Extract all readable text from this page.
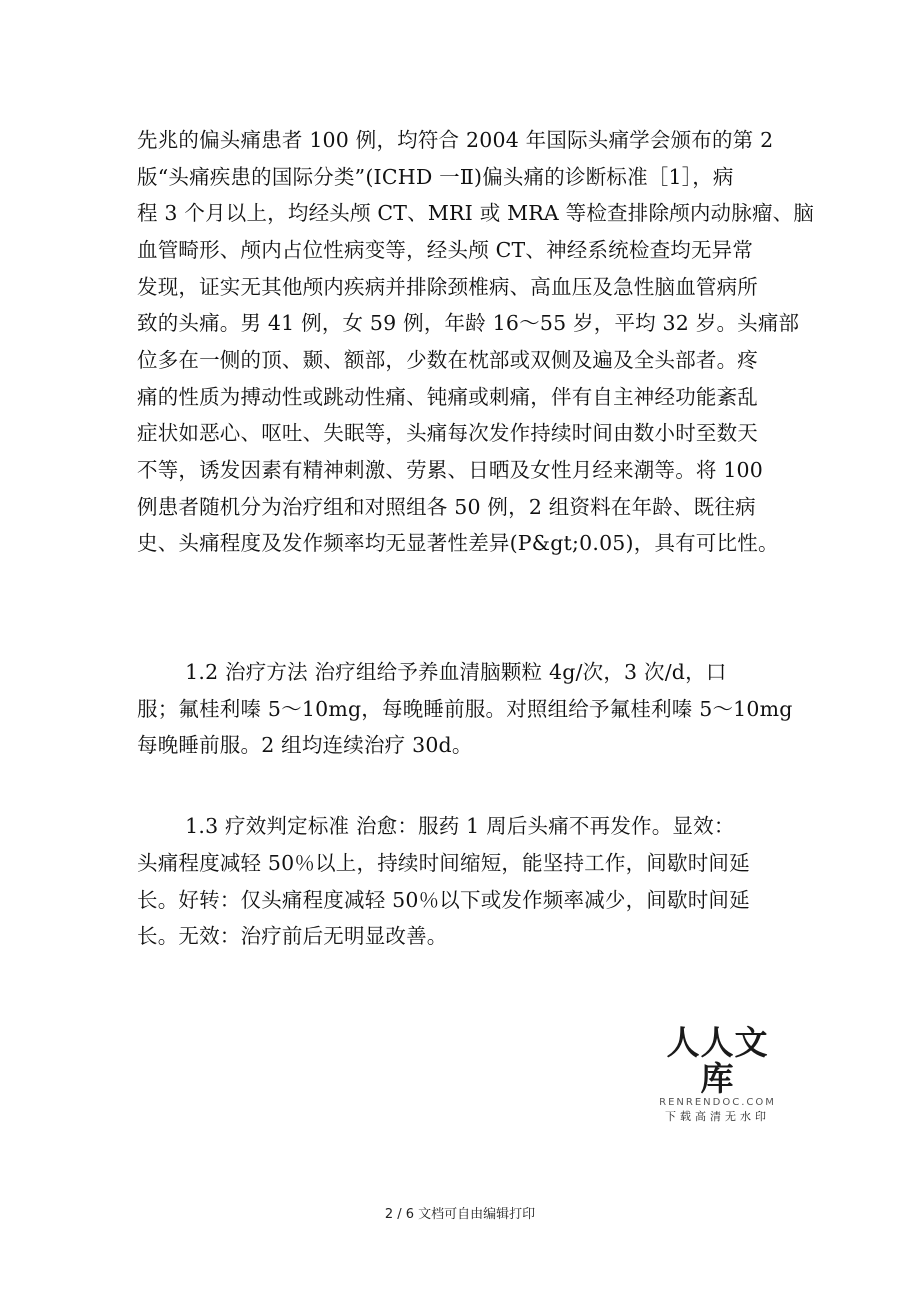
先兆的偏头痛患者 100 例，均符合 2004 年国际头痛学会颁布的第 2
版“头痛疾患的国际分类”(ICHD 一Ⅱ)偏头痛的诊断标准［1］，病
程 3 个月以上，均经头颅 CT、MRI 或 MRA 等检查排除颅内动脉瘤、脑
血管畸形、颅内占位性病变等，经头颅 CT、神经系统检查均无异常
发现，证实无其他颅内疾病并排除颈椎病、高血压及急性脑血管病所
致的头痛。男 41 例，女 59 例，年龄 16～55 岁，平均 32 岁。头痛部
位多在一侧的顶、颞、额部，少数在枕部或双侧及遍及全头部者。疼
痛的性质为搏动性或跳动性痛、钝痛或刺痛，伴有自主神经功能紊乱
症状如恶心、呕吐、失眠等，头痛每次发作持续时间由数小时至数天
不等，诱发因素有精神刺激、劳累、日晒及女性月经来潮等。将 100
例患者随机分为治疗组和对照组各 50 例，2 组资料在年龄、既往病
史、头痛程度及发作频率均无显著性差异(P&gt;0.05)，具有可比性。
　　 1.2 治疗方法 治疗组给予养血清脑颗粒 4g/次，3 次/d，口
服；氟桂利嗪 5～10mg，每晚睡前服。对照组给予氟桂利嗪 5～10mg
每晚睡前服。2 组均连续治疗 30d。
　　 1.3 疗效判定标准 治愈：服药 1 周后头痛不再发作。显效：
头痛程度减轻 50％以上，持续时间缩短，能坚持工作，间歇时间延
长。好转：仅头痛程度减轻 50％以下或发作频率减少，间歇时间延
长。无效：治疗前后无明显改善。
人人文库
RENRENDOC.COM
下载高清无水印
2 / 6 文档可自由编辑打印
